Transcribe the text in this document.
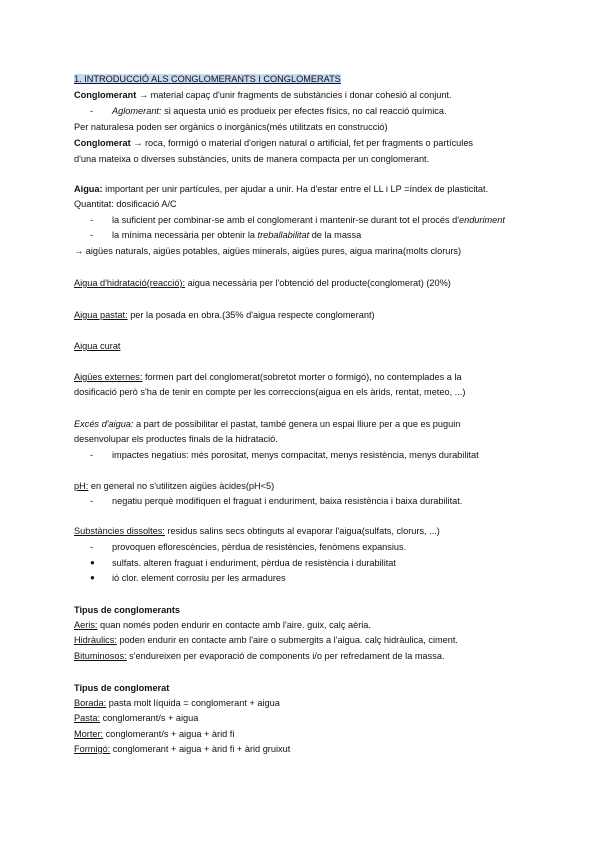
1. INTRODUCCIÓ ALS CONGLOMERANTS I CONGLOMERATS
Conglomerant → material capaç d'unir fragments de substàncies i donar cohesió al conjunt.
- Aglomerant: si aquesta unió es produeix per efectes físics, no cal reacció química.
Per naturalesa poden ser orgànics o inorgànics(més utilitzats en construcció)
Conglomerat → roca, formigó o material d'origen natural o artificial, fet per fragments o partícules
d'una mateixa o diverses substàncies, units de manera compacta per un conglomerant.
Aigua: important per unir partícules, per ajudar a unir. Ha d'estar entre el LL i LP =índex de plasticitat.
Quantitat: dosificació A/C
- la suficient per combinar-se amb el conglomerant i mantenir-se durant tot el procés d'enduriment
- la mínima necessària per obtenir la treballabilitat de la massa
→ aigües naturals, aigües potables, aigües minerals, aigües pures, aigua marina(molts clorurs)
Aigua d'hidratació(reacció): aigua necessària per l'obtenció del producte(conglomerat) (20%)
Aigua pastat: per la posada en obra.(35% d'aigua respecte conglomerant)
Aigua curat
Aigües externes: formen part del conglomerat(sobretot morter o formigó), no contemplades a la
dosificació però s'ha de tenir en compte per les correccions(aigua en els àrids, rentat, meteo, ...)
Excés d'aigua: a part de possibilitar el pastat, també genera un espai lliure per a que es puguin
desenvolupar els productes finals de la hidratació.
- impactes negatius: més porositat, menys compacitat, menys resistència, menys durabilitat
pH: en general no s'utilitzen aigües àcides(pH<5)
- negatiu perquè modifiquen el fraguat i enduriment, baixa resistència i baixa durabilitat.
Substàncies dissoltes: residus salins secs obtinguts al evaporar l'aigua(sulfats, clorurs, ...)
- provoquen eflorescències, pèrdua de resistències, fenòmens expansius.
● sulfats. alteren fraguat i enduriment, pèrdua de resistència i durabilitat
● ió clor. element corrosiu per les armadures
Tipus de conglomerants
Aeris: quan només poden endurir en contacte amb l'aire. guix, calç aèria.
Hidràulics: poden endurir en contacte amb l'aire o submergits a l'aigua. calç hidràulica, ciment.
Bituminosos: s'endureixen per evaporació de components i/o per refredament de la massa.
Tipus de conglomerat
Borada: pasta molt líquida = conglomerant + aigua
Pasta: conglomerant/s + aigua
Morter: conglomerant/s + aigua + àrid fi
Formigó: conglomerant + aigua + àrid fi + àrid gruixut
